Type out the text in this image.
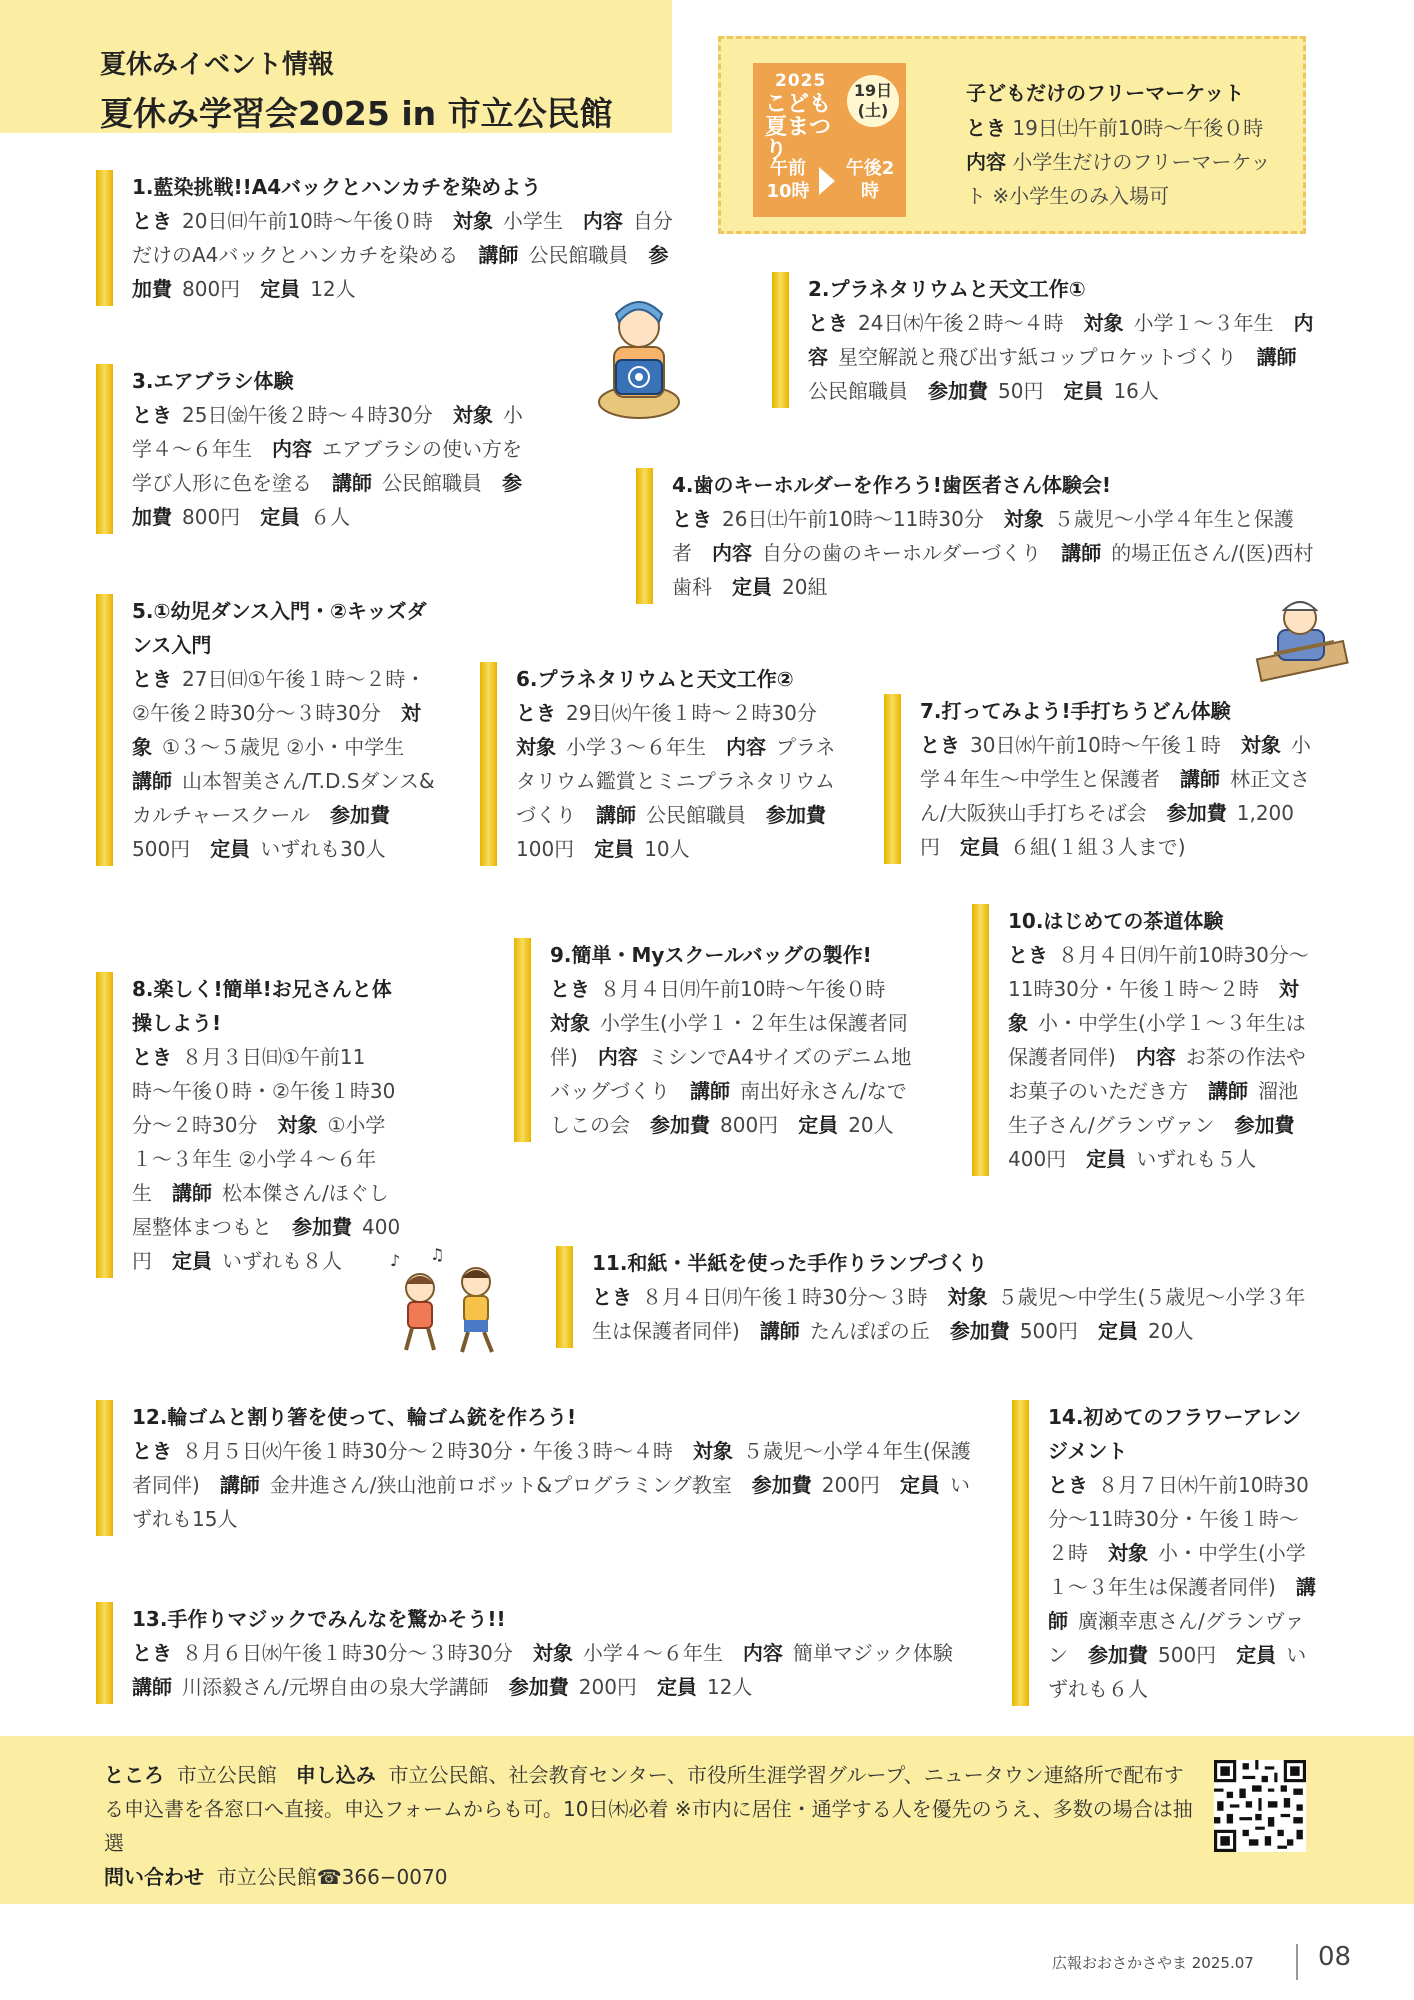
夏休みイベント情報
夏休み学習会2025 in 市立公民館
2025
こども夏まつり
19日(土)
午前10時
午後2時
子どもだけのフリーマーケット
とき 19日㈯午前10時〜午後０時 内容 小学生だけのフリーマーケット ※小学生のみ入場可
1.藍染挑戦!!A4バックとハンカチを染めよう
とき  20日㈰午前10時〜午後０時  対象  小学生  内容  自分だけのA4バックとハンカチを染める  講師  公民館職員  参加費  800円  定員  12人 	2.プラネタリウムと天文工作①
とき  24日㈭午後２時〜４時  対象  小学１〜３年生  内容  星空解説と飛び出す紙コップロケットづくり  講師 公民館職員  参加費  50円  定員  16人 
3.エアブラシ体験
とき  25日㈮午後２時〜４時30分  対象  小学４〜６年生  内容  エアブラシの使い方を学び人形に色を塗る  講師  公民館職員  参加費  800円  定員  ６人 
4.歯のキーホルダーを作ろう!歯医者さん体験会!
とき  26日㈯午前10時〜11時30分  対象  ５歳児〜小学４年生と保護者  内容  自分の歯のキーホルダーづくり  講師  的場正伍さん/(医)西村歯科  定員  20組 
5.①幼児ダンス入門・②キッズダンス入門
とき  27日㈰①午後１時〜２時・②午後２時30分〜３時30分  対象  ①３〜５歳児 ②小・中学生 講師  山本智美さん/T.D.Sダンス&カルチャースクール  参加費 500円  定員  いずれも30人 
6.プラネタリウムと天文工作②
とき  29日㈫午後１時〜２時30分 対象  小学３〜６年生  内容  プラネタリウム鑑賞とミニプラネタリウムづくり  講師  公民館職員  参加費 100円  定員  10人 
7.打ってみよう!手打ちうどん体験
とき  30日㈬午前10時〜午後１時  対象  小学４年生〜中学生と保護者  講師  林正文さん/大阪狭山手打ちそば会  参加費  1,200円  定員  ６組(１組３人まで) 
8.楽しく!簡単!お兄さんと体操しよう!
とき  ８月３日㈰①午前11時〜午後０時・②午後１時30分〜２時30分  対象  ①小学１〜３年生 ②小学４〜６年生  講師  松本傑さん/ほぐし屋整体まつもと  参加費  400円  定員  いずれも８人 
9.簡単・Myスクールバッグの製作!
とき  ８月４日㈪午前10時〜午後０時 対象  小学生(小学１・２年生は保護者同伴)  内容  ミシンでA4サイズのデニム地バッグづくり  講師  南出好永さん/なでしこの会  参加費  800円  定員  20人 
10.はじめての茶道体験
とき  ８月４日㈪午前10時30分〜11時30分・午後１時〜２時  対象  小・中学生(小学１〜３年生は保護者同伴)  内容  お茶の作法やお菓子のいただき方  講師  溜池生子さん/グランヴァン  参加費 400円  定員  いずれも５人 
11.和紙・半紙を使った手作りランプづくり
とき  ８月４日㈪午後１時30分〜３時  対象  ５歳児〜中学生(５歳児〜小学３年生は保護者同伴)  講師  たんぽぽの丘  参加費  500円  定員  20人 
12.輪ゴムと割り箸を使って、輪ゴム銃を作ろう!
とき  ８月５日㈫午後１時30分〜２時30分・午後３時〜４時  対象  ５歳児〜小学４年生(保護者同伴)  講師  金井進さん/狭山池前ロボット&プログラミング教室  参加費  200円  定員  いずれも15人 
13.手作りマジックでみんなを驚かそう!!
とき  ８月６日㈬午後１時30分〜３時30分  対象  小学４〜６年生  内容  簡単マジック体験 講師  川添毅さん/元堺自由の泉大学講師  参加費  200円  定員  12人 
14.初めてのフラワーアレンジメント
とき  ８月７日㈭午前10時30分〜11時30分・午後１時〜２時  対象  小・中学生(小学１〜３年生は保護者同伴)  講師  廣瀬幸恵さん/グランヴァン  参加費  500円  定員  いずれも６人 
♪ ♫
ところ 市立公民館 申し込み 市立公民館、社会教育センター、市役所生涯学習グループ、ニュータウン連絡所で配布する申込書を各窓口へ直接。申込フォームからも可。10日㈭必着 ※市内に居住・通学する人を優先のうえ、多数の場合は抽選
問い合わせ 市立公民館☎366−0070
広報おおさかさやま 2025.07 08
